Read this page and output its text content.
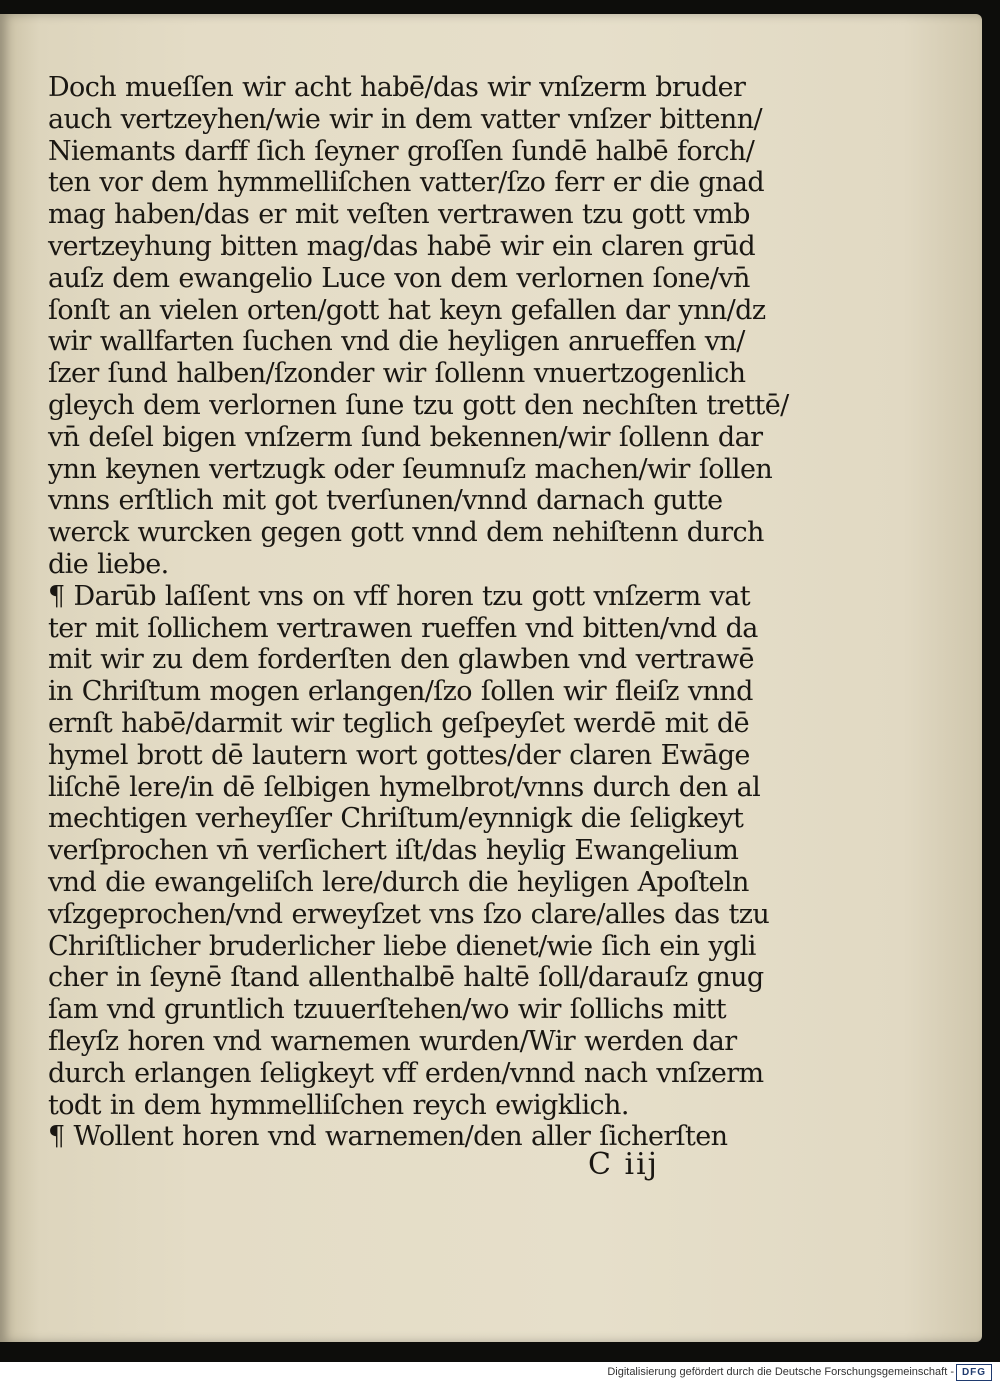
Doch mueſſen wir acht habē/das wir vnſzerm bruder
auch vertzeyhen/wie wir in dem vatter vnſzer bittenn/
Niemants darff ſich ſeyner groſſen ſundē halbē forch/
ten vor dem hymmelliſchen vatter/ſzo ferr er die gnad
mag haben/das er mit veſten vertrawen tzu gott vmb
vertzeyhung bitten mag/das habē wir ein claren grūd
auſz dem ewangelio Luce von dem verlornen ſone/vn̄
ſonſt an vielen orten/gott hat keyn gefallen dar ynn/dz
wir wallfarten ſuchen vnd die heyligen anrueffen vn/
ſzer ſund halben/ſzonder wir ſollenn vnuertzogenlich
gleych dem verlornen ſune tzu gott den nechſten trettē/
vn̄ deſel bigen vnſzerm ſund bekennen/wir ſollenn dar
ynn keynen vertzugk oder ſeumnuſz machen/wir ſollen
vnns erſtlich mit got tverſunen/vnnd darnach gutte
werck wurcken gegen gott vnnd dem nehiſtenn durch
die liebe.
¶ Darūb laſſent vns on vff horen tzu gott vnſzerm vat
ter mit ſollichem vertrawen rueffen vnd bitten/vnd da
mit wir zu dem forderſten den glawben vnd vertrawē
in Chriſtum mogen erlangen/ſzo ſollen wir fleiſz vnnd
ernſt habē/darmit wir teglich geſpeyſet werdē mit dē
hymel brott dē lautern wort gottes/der claren Ewāge
liſchē lere/in dē ſelbigen hymelbrot/vnns durch den al
mechtigen verheyſſer Chriſtum/eynnigk die ſeligkeyt
verſprochen vn̄ verſichert iſt/das heylig Ewangelium
vnd die ewangeliſch lere/durch die heyligen Apoſteln
vſzgeprochen/vnd erweyſzet vns ſzo clare/alles das tzu
Chriſtlicher bruderlicher liebe dienet/wie ſich ein ygli
cher in ſeynē ſtand allenthalbē haltē ſoll/darauſz gnug
ſam vnd gruntlich tzuuerſtehen/wo wir ſollichs mitt
fleyſz horen vnd warnemen wurden/Wir werden dar
durch erlangen ſeligkeyt vff erden/vnnd nach vnſzerm
todt in dem hymmelliſchen reych ewigklich.
¶ Wollent horen vnd warnemen/den aller ſicherſten
C iij
Digitalisierung gefördert durch die Deutsche Forschungsgemeinschaft - DFG
